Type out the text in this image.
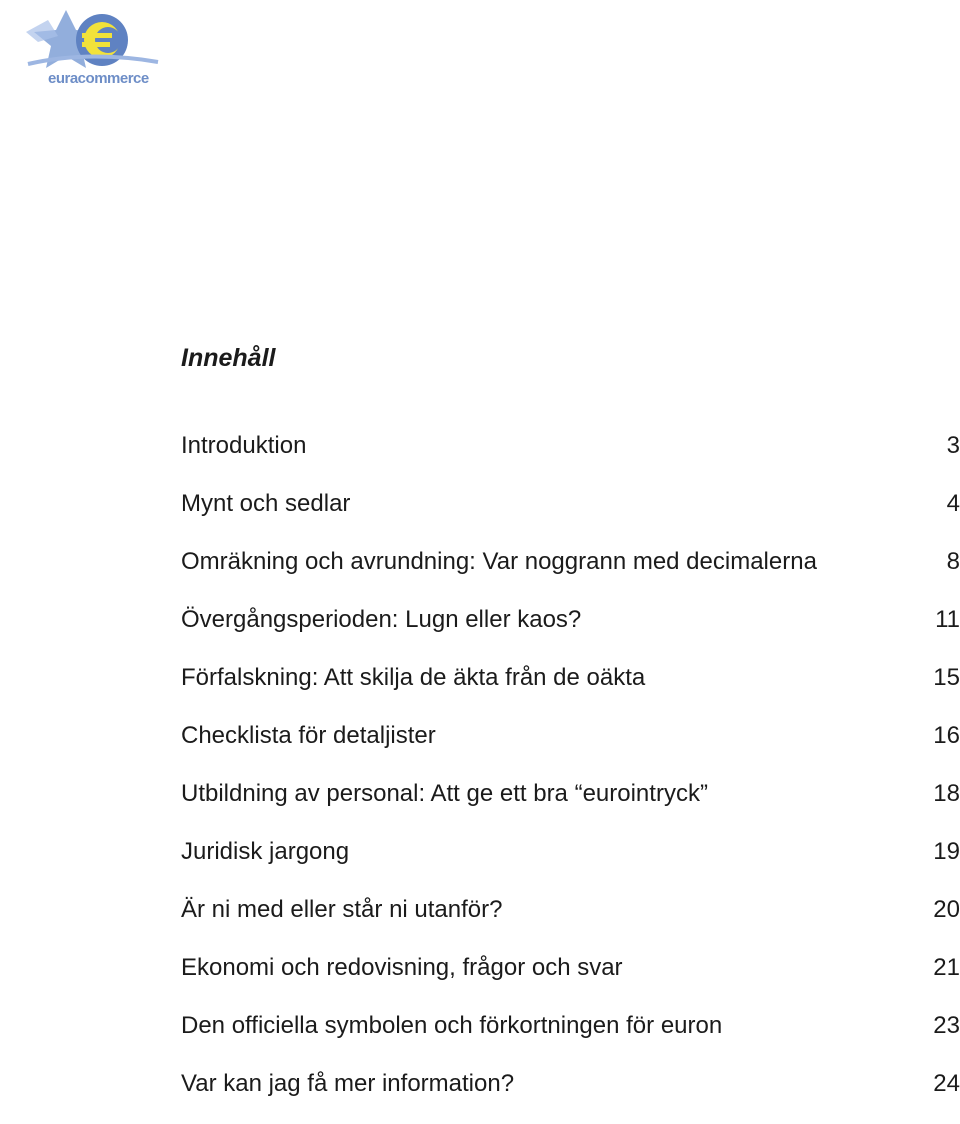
euracommerce
Innehåll
Introduktion	3
Mynt och sedlar	4
Omräkning och avrundning: Var noggrann med decimalerna	8
Övergångsperioden: Lugn eller kaos?	11
Förfalskning: Att skilja de äkta från de oäkta	15
Checklista för detaljister	16
Utbildning av personal: Att ge ett bra “eurointryck”	18
Juridisk jargong	19
Är ni med eller står ni utanför?	20
Ekonomi och redovisning, frågor och svar	21
Den officiella symbolen och förkortningen för euron	23
Var kan jag få mer information?	24
